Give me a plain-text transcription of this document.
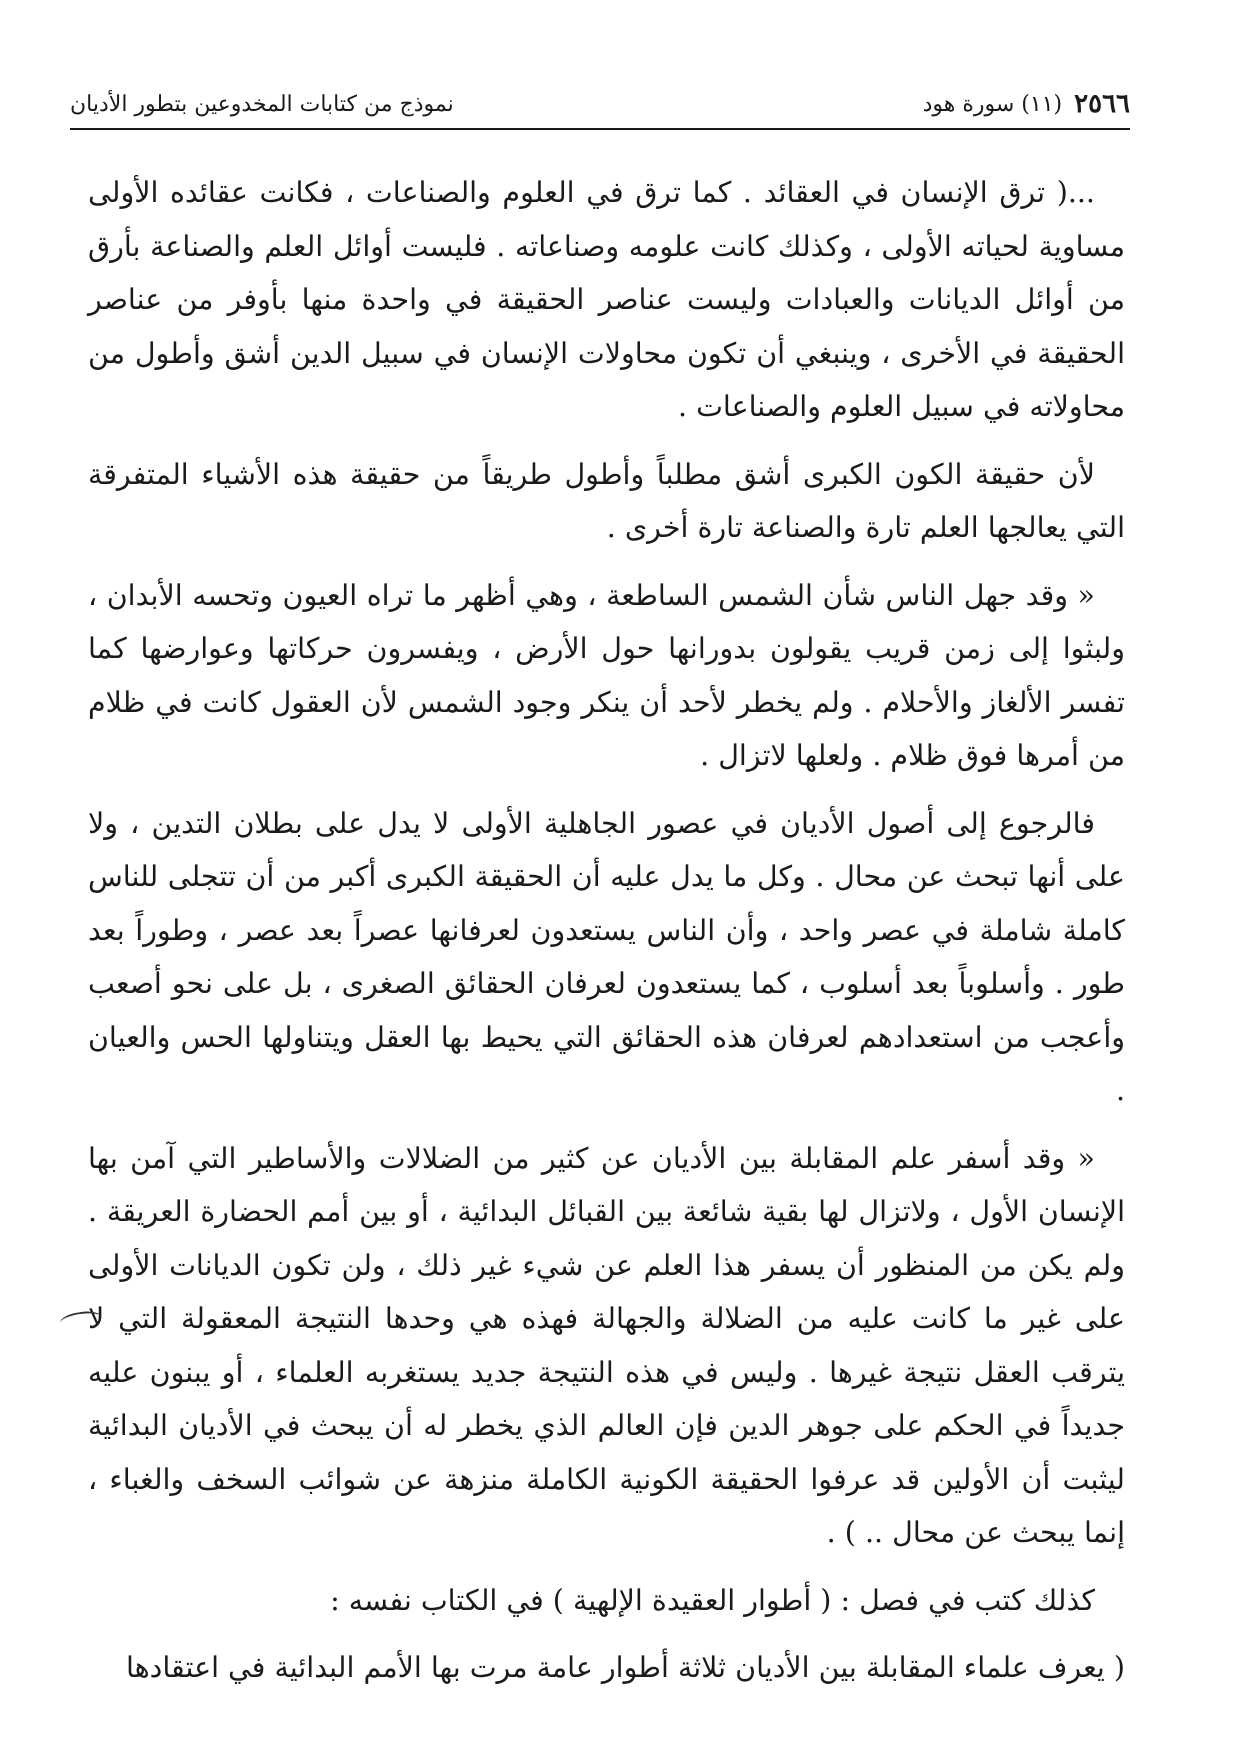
٢٥٦٦
(١١) سورة هود
نموذج من كتابات المخدوعين بتطور الأديان

...( ترق الإنسان في العقائد . كما ترق في العلوم والصناعات ، فكانت عقائده الأولى مساوية لحياته الأولى ، وكذلك كانت علومه وصناعاته . فليست أوائل العلم والصناعة بأرق من أوائل الديانات والعبادات وليست عناصر الحقيقة في واحدة منها بأوفر من عناصر الحقيقة في الأخرى ، وينبغي أن تكون محاولات الإنسان في سبيل الدين أشق وأطول من محاولاته في سبيل العلوم والصناعات .

لأن حقيقة الكون الكبرى أشق مطلباً وأطول طريقاً من حقيقة هذه الأشياء المتفرقة التي يعالجها العلم تارة والصناعة تارة أخرى .

« وقد جهل الناس شأن الشمس الساطعة ، وهي أظهر ما تراه العيون وتحسه الأبدان ، ولبثوا إلى زمن قريب يقولون بدورانها حول الأرض ، ويفسرون حركاتها وعوارضها كما تفسر الألغاز والأحلام . ولم يخطر لأحد أن ينكر وجود الشمس لأن العقول كانت في ظلام من أمرها فوق ظلام . ولعلها لاتزال .

فالرجوع إلى أصول الأديان في عصور الجاهلية الأولى لا يدل على بطلان التدين ، ولا على أنها تبحث عن محال . وكل ما يدل عليه أن الحقيقة الكبرى أكبر من أن تتجلى للناس كاملة شاملة في عصر واحد ، وأن الناس يستعدون لعرفانها عصراً بعد عصر ، وطوراً بعد طور . وأسلوباً بعد أسلوب ، كما يستعدون لعرفان الحقائق الصغرى ، بل على نحو أصعب وأعجب من استعدادهم لعرفان هذه الحقائق التي يحيط بها العقل ويتناولها الحس والعيان .

« وقد أسفر علم المقابلة بين الأديان عن كثير من الضلالات والأساطير التي آمن بها الإنسان الأول ، ولاتزال لها بقية شائعة بين القبائل البدائية ، أو بين أمم الحضارة العريقة . ولم يكن من المنظور أن يسفر هذا العلم عن شيء غير ذلك ، ولن تكون الديانات الأولى على غير ما كانت عليه من الضلالة والجهالة فهذه هي وحدها النتيجة المعقولة التي لا يترقب العقل نتيجة غيرها . وليس في هذه النتيجة جديد يستغربه العلماء ، أو يبنون عليه جديداً في الحكم على جوهر الدين فإن العالم الذي يخطر له أن يبحث في الأديان البدائية ليثبت أن الأولين قد عرفوا الحقيقة الكونية الكاملة منزهة عن شوائب السخف والغباء ، إنما يبحث عن محال .. ) .

كذلك كتب في فصل : ( أطوار العقيدة الإلهية ) في الكتاب نفسه :

( يعرف علماء المقابلة بين الأديان ثلاثة أطوار عامة مرت بها الأمم البدائية في اعتقادها
